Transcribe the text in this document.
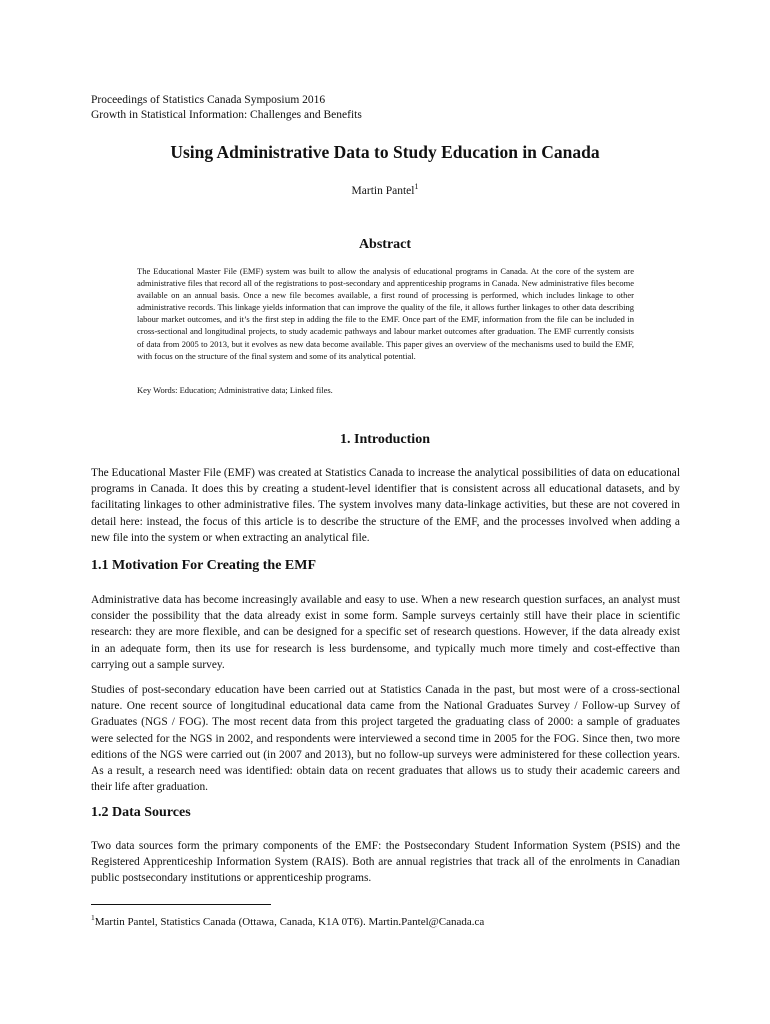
Proceedings of Statistics Canada Symposium 2016
Growth in Statistical Information: Challenges and Benefits
Using Administrative Data to Study Education in Canada
Martin Pantel$^1$
Abstract
The Educational Master File (EMF) system was built to allow the analysis of educational programs in Canada. At the core of the system are administrative files that record all of the registrations to post-secondary and apprenticeship programs in Canada. New administrative files become available on an annual basis. Once a new file becomes available, a first round of processing is performed, which includes linkage to other administrative records. This linkage yields information that can improve the quality of the file, it allows further linkages to other data describing labour market outcomes, and it’s the first step in adding the file to the EMF. Once part of the EMF, information from the file can be included in cross-sectional and longitudinal projects, to study academic pathways and labour market outcomes after graduation. The EMF currently consists of data from 2005 to 2013, but it evolves as new data become available. This paper gives an overview of the mechanisms used to build the EMF, with focus on the structure of the final system and some of its analytical potential.
Key Words: Education; Administrative data; Linked files.
1. Introduction
The Educational Master File (EMF) was created at Statistics Canada to increase the analytical possibilities of data on educational programs in Canada. It does this by creating a student-level identifier that is consistent across all educational datasets, and by facilitating linkages to other administrative files. The system involves many data-linkage activities, but these are not covered in detail here: instead, the focus of this article is to describe the structure of the EMF, and the processes involved when adding a new file into the system or when extracting an analytical file.
1.1 Motivation For Creating the EMF
Administrative data has become increasingly available and easy to use. When a new research question surfaces, an analyst must consider the possibility that the data already exist in some form. Sample surveys certainly still have their place in scientific research: they are more flexible, and can be designed for a specific set of research questions. However, if the data already exist in an adequate form, then its use for research is less burdensome, and typically much more timely and cost-effective than carrying out a sample survey.
Studies of post-secondary education have been carried out at Statistics Canada in the past, but most were of a cross-sectional nature. One recent source of longitudinal educational data came from the National Graduates Survey / Follow-up Survey of Graduates (NGS / FOG). The most recent data from this project targeted the graduating class of 2000: a sample of graduates were selected for the NGS in 2002, and respondents were interviewed a second time in 2005 for the FOG. Since then, two more editions of the NGS were carried out (in 2007 and 2013), but no follow-up surveys were administered for these collection years. As a result, a research need was identified: obtain data on recent graduates that allows us to study their academic careers and their life after graduation.
1.2 Data Sources
Two data sources form the primary components of the EMF: the Postsecondary Student Information System (PSIS) and the Registered Apprenticeship Information System (RAIS). Both are annual registries that track all of the enrolments in Canadian public postsecondary institutions or apprenticeship programs.
$^1$Martin Pantel, Statistics Canada (Ottawa, Canada, K1A 0T6). Martin.Pantel@Canada.ca
